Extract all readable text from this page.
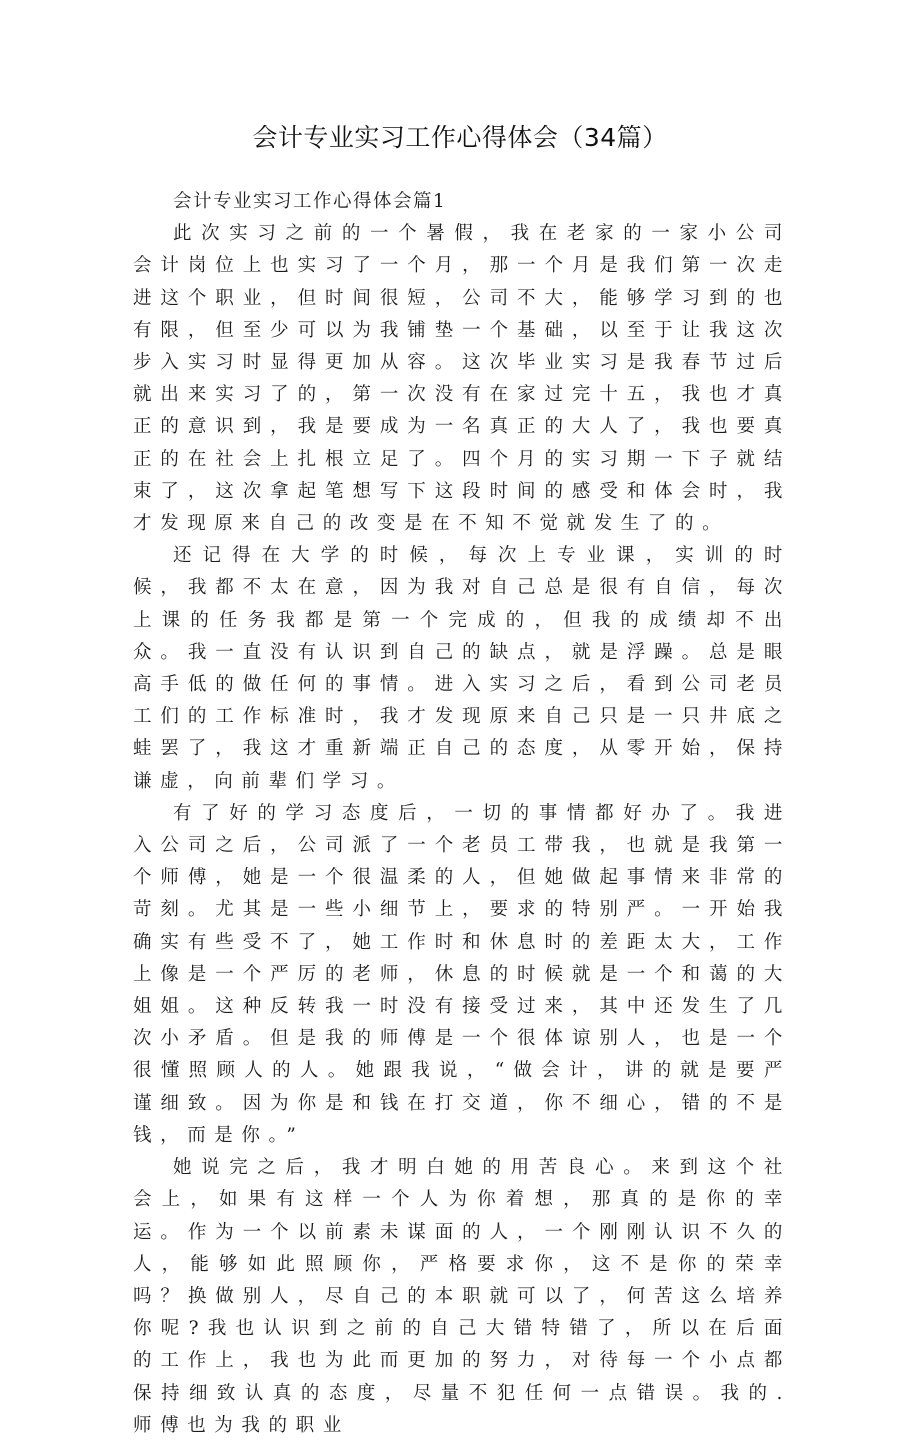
会计专业实习工作心得体会（34篇）

会计专业实习工作心得体会篇1

此次实习之前的一个暑假，我在老家的一家小公司会计岗位上也实习了一个月，那一个月是我们第一次走进这个职业，但时间很短，公司不大，能够学习到的也有限，但至少可以为我铺垫一个基础，以至于让我这次步入实习时显得更加从容。这次毕业实习是我春节过后就出来实习了的，第一次没有在家过完十五，我也才真正的意识到，我是要成为一名真正的大人了，我也要真正的在社会上扎根立足了。四个月的实习期一下子就结束了，这次拿起笔想写下这段时间的感受和体会时，我才发现原来自己的改变是在不知不觉就发生了的。

还记得在大学的时候，每次上专业课，实训的时候，我都不太在意，因为我对自己总是很有自信，每次上课的任务我都是第一个完成的，但我的成绩却不出众。我一直没有认识到自己的缺点，就是浮躁。总是眼高手低的做任何的事情。进入实习之后，看到公司老员工们的工作标准时，我才发现原来自己只是一只井底之蛙罢了，我这才重新端正自己的态度，从零开始，保持谦虚，向前辈们学习。

有了好的学习态度后，一切的事情都好办了。我进入公司之后，公司派了一个老员工带我，也就是我第一个师傅，她是一个很温柔的人，但她做起事情来非常的苛刻。尤其是一些小细节上，要求的特别严。一开始我确实有些受不了，她工作时和休息时的差距太大，工作上像是一个严厉的老师，休息的时候就是一个和蔼的大姐姐。这种反转我一时没有接受过来，其中还发生了几次小矛盾。但是我的师傅是一个很体谅别人，也是一个很懂照顾人的人。她跟我说，“做会计，讲的就是要严谨细致。因为你是和钱在打交道，你不细心，错的不是钱，而是你。”

她说完之后，我才明白她的用苦良心。来到这个社会上，如果有这样一个人为你着想，那真的是你的幸运。作为一个以前素未谋面的人，一个刚刚认识不久的人，能够如此照顾你，严格要求你，这不是你的荣幸吗？换做别人，尽自己的本职就可以了，何苦这么培养你呢?我也认识到之前的自己大错特错了，所以在后面的工作上，我也为此而更加的努力，对待每一个小点都保持细致认真的态度，尽量不犯任何一点错误。我的.师傅也为我的职业
